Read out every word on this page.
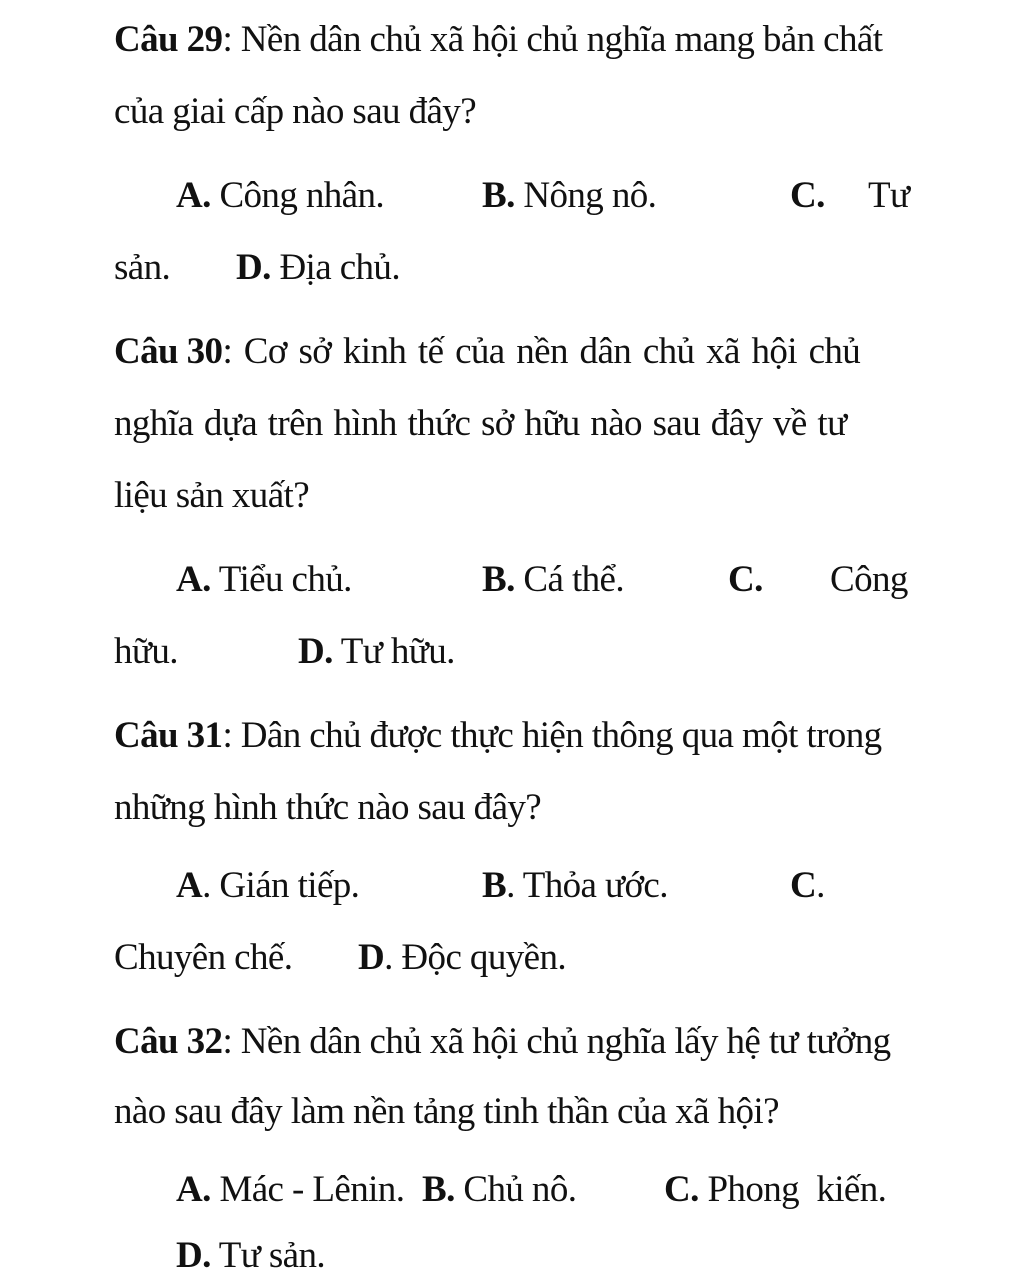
Câu 29: Nền dân chủ xã hội chủ nghĩa mang bản chất
của giai cấp nào sau đây?
A. Công nhân.	B. Nông nô.	C. Tư
sản. D. Địa chủ.
Câu 30: Cơ sở kinh tế của nền dân chủ xã hội chủ
nghĩa dựa trên hình thức sở hữu nào sau đây về tư
liệu sản xuất?
A. Tiểu chủ.	B. Cá thể.	C. Công
hữu.	D. Tư hữu.
Câu 31: Dân chủ được thực hiện thông qua một trong
những hình thức nào sau đây?
A. Gián tiếp.	B. Thỏa ước.	C.
Chuyên chế. D. Độc quyền.
Câu 32: Nền dân chủ xã hội chủ nghĩa lấy hệ tư tưởng
nào sau đây làm nền tảng tinh thần của xã hội?
A. Mác - Lênin. B. Chủ nô. C. Phong  kiến.
D. Tư sản.
